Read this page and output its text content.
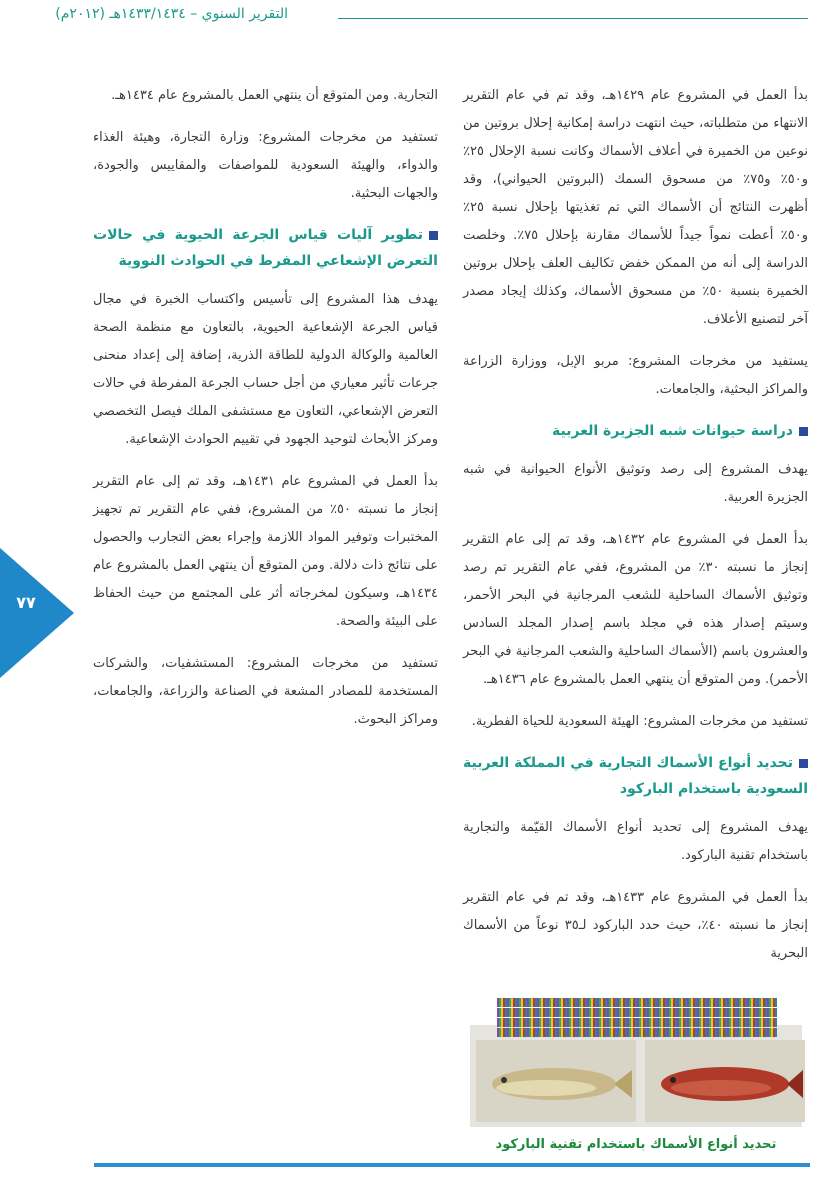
التقرير السنوي – ١٤٣٣/١٤٣٤هـ (٢٠١٢م)

بدأ العمل في المشروع عام ١٤٢٩هـ، وقد تم في عام التقرير الانتهاء من متطلباته، حيث انتهت دراسة إمكانية إحلال بروتين من نوعين من الخميرة في أعلاف الأسماك وكانت نسبة الإحلال ٢٥٪ و٥٠٪ و٧٥٪ من مسحوق السمك (البروتين الحيواني)، وقد أظهرت النتائج أن الأسماك التي تم تغذيتها بإحلال نسبة ٢٥٪ و٥٠٪ أعطت نمواً جيداً للأسماك مقارنة بإحلال ٧٥٪. وخلصت الدراسة إلى أنه من الممكن خفض تكاليف العلف بإحلال بروتين الخميرة بنسبة ٥٠٪ من مسحوق الأسماك، وكذلك إيجاد مصدر آخر لتصنيع الأعلاف.

يستفيد من مخرجات المشروع: مربو الإبل، ووزارة الزراعة والمراكز البحثية، والجامعات.

دراسة حيوانات شبه الجزيرة العربية

يهدف المشروع إلى رصد وتوثيق الأنواع الحيوانية في شبه الجزيرة العربية.

بدأ العمل في المشروع عام ١٤٣٢هـ، وقد تم إلى عام التقرير إنجاز ما نسبته ٣٠٪ من المشروع، ففي عام التقرير تم رصد وتوثيق الأسماك الساحلية للشعب المرجانية في البحر الأحمر، وسيتم إصدار هذه في مجلد باسم إصدار المجلد السادس والعشرون باسم (الأسماك الساحلية والشعب المرجانية في البحر الأحمر). ومن المتوقع أن ينتهي العمل بالمشروع عام ١٤٣٦هـ.

تستفيد من مخرجات المشروع: الهيئة السعودية للحياة الفطرية.

تحديد أنواع الأسماك التجارية في المملكة العربية السعودية باستخدام الباركود

يهدف المشروع إلى تحديد أنواع الأسماك القيّمة والتجارية باستخدام تقنية الباركود.

بدأ العمل في المشروع عام ١٤٣٣هـ، وقد تم في عام التقرير إنجاز ما نسبته ٤٠٪، حيث حدد الباركود لـ٣٥ نوعاً من الأسماك البحرية

التجارية. ومن المتوقع أن ينتهي العمل بالمشروع عام ١٤٣٤هـ.

تستفيد من مخرجات المشروع: وزارة التجارة، وهيئة الغذاء والدواء، والهيئة السعودية للمواصفات والمقاييس والجودة، والجهات البحثية.

تطوير آليات قياس الجرعة الحيوية في حالات التعرض الإشعاعي المفرط في الحوادث النووية

يهدف هذا المشروع إلى تأسيس واكتساب الخبرة في مجال قياس الجرعة الإشعاعية الحيوية، بالتعاون مع منظمة الصحة العالمية والوكالة الدولية للطاقة الذرية، إضافة إلى إعداد منحنى جرعات تأثير معياري من أجل حساب الجرعة المفرطة في حالات التعرض الإشعاعي، التعاون مع مستشفى الملك فيصل التخصصي ومركز الأبحاث لتوحيد الجهود في تقييم الحوادث الإشعاعية.

بدأ العمل في المشروع عام ١٤٣١هـ، وقد تم إلى عام التقرير إنجاز ما نسبته ٥٠٪ من المشروع، ففي عام التقرير تم تجهيز المختبرات وتوفير المواد اللازمة وإجراء بعض التجارب والحصول على نتائج ذات دلالة. ومن المتوقع أن ينتهي العمل بالمشروع عام ١٤٣٤هـ، وسيكون لمخرجاته أثر على المجتمع من حيث الحفاظ على البيئة والصحة.

تستفيد من مخرجات المشروع: المستشفيات، والشركات المستخدمة للمصادر المشعة في الصناعة والزراعة، والجامعات، ومراكز البحوث.

٧٧
تحديد أنواع الأسماك باستخدام تقنية الباركود
